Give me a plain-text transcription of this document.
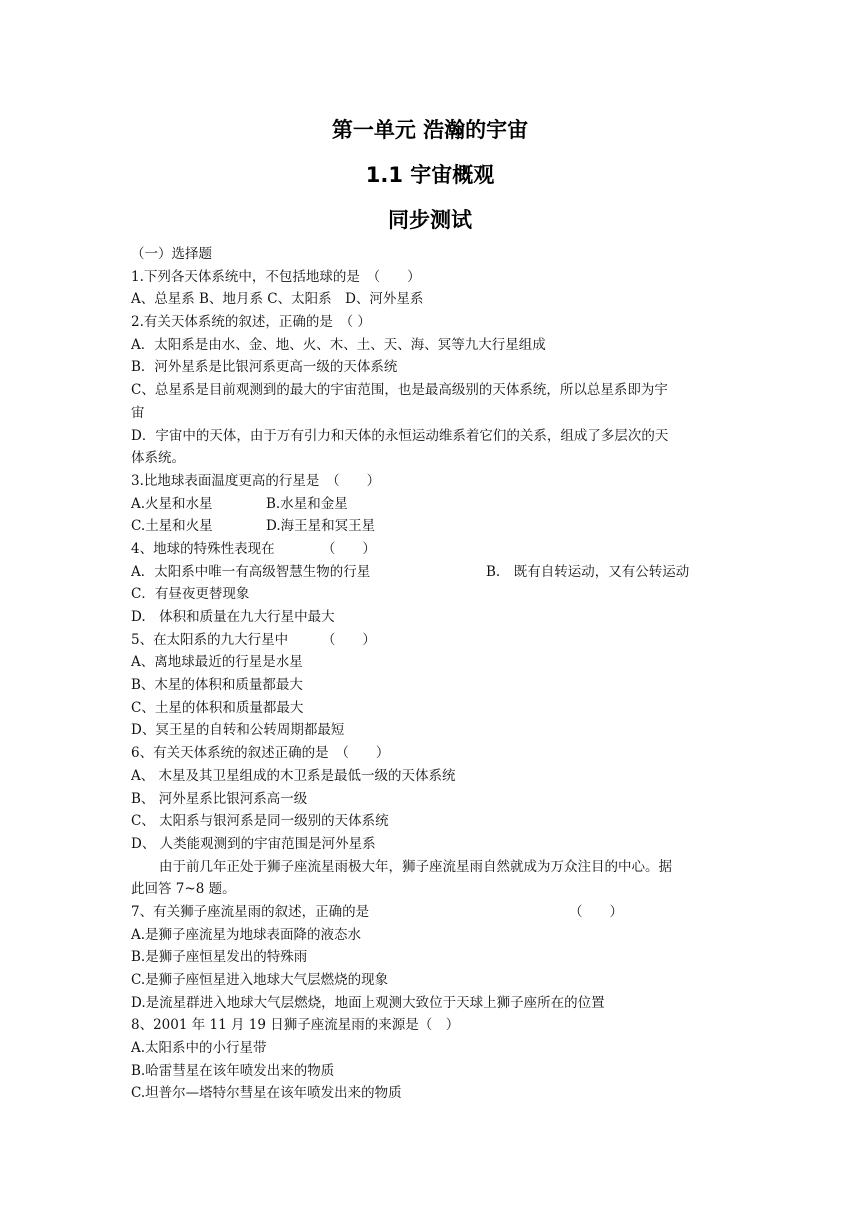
第一单元 浩瀚的宇宙
1.1 宇宙概观
同步测试
（一）选择题
1.下列各天体系统中，不包括地球的是　（　　）
A、总星系 B、地月系 C、太阳系　D、河外星系
2.有关天体系统的叙述，正确的是　（ ）
A．太阳系是由水、金、地、火、木、土、天、海、冥等九大行星组成
B．河外星系是比银河系更高一级的天体系统
C、总星系是目前观测到的最大的宇宙范围，也是最高级别的天体系统，所以总星系即为宇
宙
D．宇宙中的天体，由于万有引力和天体的永恒运动维系着它们的关系，组成了多层次的天
体系统。
3.比地球表面温度更高的行星是　（　　）
A.火星和水星	B.水星和金星
C.土星和火星	D.海王星和冥王星
4、地球的特殊性表现在　　　　（　　）
A．太阳系中唯一有高级智慧生物的行星	B.　既有自转运动，又有公转运动
C．有昼夜更替现象
D.　体积和质量在九大行星中最大
5、在太阳系的九大行星中　　　（　　）
A、离地球最近的行星是水星
B、木星的体积和质量都最大
C、土星的体积和质量都最大
D、冥王星的自转和公转周期都最短
6、有关天体系统的叙述正确的是　（　　）
A、 木星及其卫星组成的木卫系是最低一级的天体系统
B、 河外星系比银河系高一级
C、 太阳系与银河系是同一级别的天体系统
D、 人类能观测到的宇宙范围是河外星系
由于前几年正处于狮子座流星雨极大年，狮子座流星雨自然就成为万众注目的中心。据
此回答 7~8 题。
7、有关狮子座流星雨的叙述，正确的是	（　　）
A.是狮子座流星为地球表面降的液态水
B.是狮子座恒星发出的特殊雨
C.是狮子座恒星进入地球大气层燃烧的现象
D.是流星群进入地球大气层燃烧，地面上观测大致位于天球上狮子座所在的位置
8、2001 年 11 月 19 日狮子座流星雨的来源是（　）
A.太阳系中的小行星带
B.哈雷彗星在该年喷发出来的物质
C.坦普尔—塔特尔彗星在该年喷发出来的物质
